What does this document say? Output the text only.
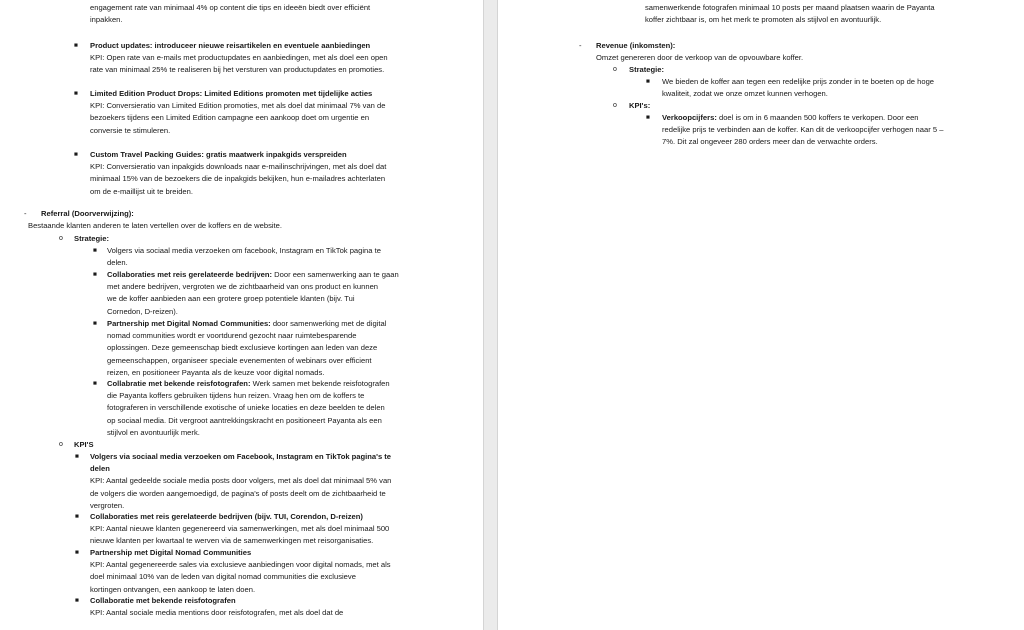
engagement rate van minimaal 4% op content die tips en ideeën biedt over efficiënt
inpakken.
■ Product updates: introduceer nieuwe reisartikelen en eventuele aanbiedingen
KPI: Open rate van e-mails met productupdates en aanbiedingen, met als doel een open
rate van minimaal 25% te realiseren bij het versturen van productupdates en promoties.
■ Limited Edition Product Drops: Limited Editions promoten met tijdelijke acties
KPI: Conversieratio van Limited Edition promoties, met als doel dat minimaal 7% van de
bezoekers tijdens een Limited Edition campagne een aankoop doet om urgentie en
conversie te stimuleren.
■ Custom Travel Packing Guides: gratis maatwerk inpakgids verspreiden
KPI: Conversieratio van inpakgids downloads naar e-mailinschrijvingen, met als doel dat
minimaal 15% van de bezoekers die de inpakgids bekijken, hun e-mailadres achterlaten
om de e-maillijst uit te breiden.
- Referral (Doorverwijzing):
Bestaande klanten anderen te laten vertellen over de koffers en de website.
o Strategie:
■ Volgers via sociaal media verzoeken om facebook, Instagram en TikTok pagina te
delen.
■ Collaboraties met reis gerelateerde bedrijven: Door een samenwerking aan te gaan
met andere bedrijven, vergroten we de zichtbaarheid van ons product en kunnen
we de koffer aanbieden aan een grotere groep potentiele klanten (bijv. Tui
Cornedon, D-reizen).
■ Partnership met Digital Nomad Communities: door samenwerking met de digital
nomad communities wordt er voortdurend gezocht naar ruimtebesparende
oplossingen. Deze gemeenschap biedt exclusieve kortingen aan leden van deze
gemeenschappen, organiseer speciale evenementen of webinars over efficient
reizen, en positioneer Payanta als de keuze voor digital nomads.
■ Collabratie met bekende reisfotografen: Werk samen met bekende reisfotografen
die Payanta koffers gebruiken tijdens hun reizen. Vraag hen om de koffers te
fotograferen in verschillende exotische of unieke locaties en deze beelden te delen
op sociaal media. Dit vergroot aantrekkingskracht en positioneert Payanta als een
stijlvol en avontuurlijk merk.
o KPI'S
■ Volgers via sociaal media verzoeken om Facebook, Instagram en TikTok pagina's te
delen
KPI: Aantal gedeelde sociale media posts door volgers, met als doel dat minimaal 5% van
de volgers die worden aangemoedigd, de pagina's of posts deelt om de zichtbaarheid te
vergroten.
■ Collaboraties met reis gerelateerde bedrijven (bijv. TUI, Corendon, D-reizen)
KPI: Aantal nieuwe klanten gegenereerd via samenwerkingen, met als doel minimaal 500
nieuwe klanten per kwartaal te werven via de samenwerkingen met reisorganisaties.
■ Partnership met Digital Nomad Communities
KPI: Aantal gegenereerde sales via exclusieve aanbiedingen voor digital nomads, met als
doel minimaal 10% van de leden van digital nomad communities die exclusieve
kortingen ontvangen, een aankoop te laten doen.
■ Collaboratie met bekende reisfotografen
KPI: Aantal sociale media mentions door reisfotografen, met als doel dat de
samenwerkende fotografen minimaal 10 posts per maand plaatsen waarin de Payanta
koffer zichtbaar is, om het merk te promoten als stijlvol en avontuurlijk.
- Revenue (inkomsten):
Omzet genereren door de verkoop van de opvouwbare koffer.
o Strategie:
■ We bieden de koffer aan tegen een redelijke prijs zonder in te boeten op de hoge
kwaliteit, zodat we onze omzet kunnen verhogen.
o KPI's:
■ Verkoopcijfers: doel is om in 6 maanden 500 koffers te verkopen. Door een
redelijke prijs te verbinden aan de koffer. Kan dit de verkoopcijfer verhogen naar 5 –
7%. Dit zal ongeveer 280 orders meer dan de verwachte orders.
